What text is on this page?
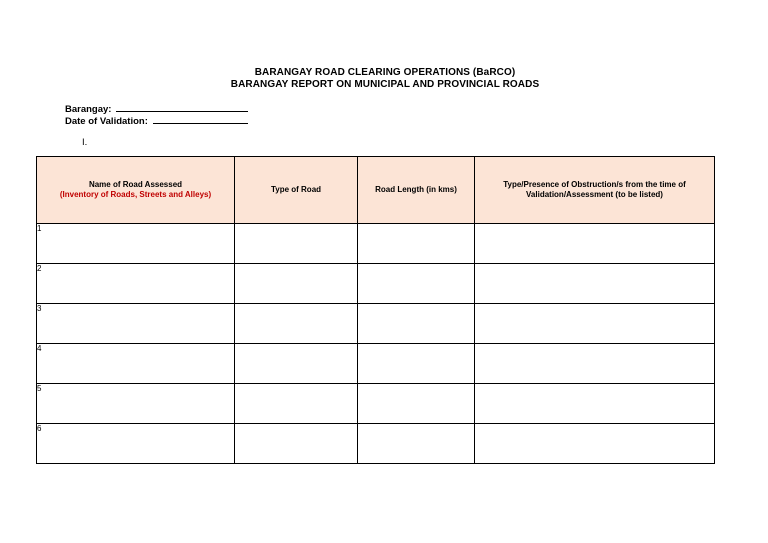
BARANGAY ROAD CLEARING OPERATIONS (BaRCO)
BARANGAY REPORT ON MUNICIPAL AND PROVINCIAL ROADS
Barangay:
Date of Validation:
I.
Name of Road Assessed
(Inventory of Roads, Streets and Alleys)	Type of Road	Road Length (in kms)	Type/Presence of Obstruction/s from the time of Validation/Assessment (to be listed)

1			
2			
3			
4			
5			
6			
